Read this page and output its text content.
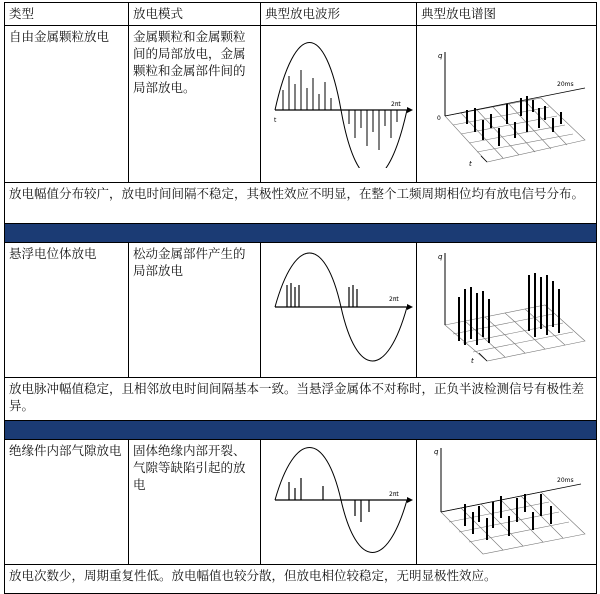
类型	放电模式	典型放电波形	典型放电谱图
自由金属颗粒放电	金属颗粒和金属颗粒间的局部放电，金属颗粒和金属部件间的局部放电。	t
2πt	q
0
t
20ms

放电幅值分布较广，放电时间间隔不稳定，其极性效应不明显，在整个工频周期相位均有放电信号分布。			

悬浮电位体放电	松动金属部件产生的局部放电	2πt	q
t

放电脉冲幅值稳定，且相邻放电时间间隔基本一致。当悬浮金属体不对称时，正负半波检测信号有极性差异。			

绝缘件内部气隙放电	固体绝缘内部开裂、气隙等缺陷引起的放电	2πt	q
20ms

放电次数少，周期重复性低。放电幅值也较分散，但放电相位较稳定，无明显极性效应。			
